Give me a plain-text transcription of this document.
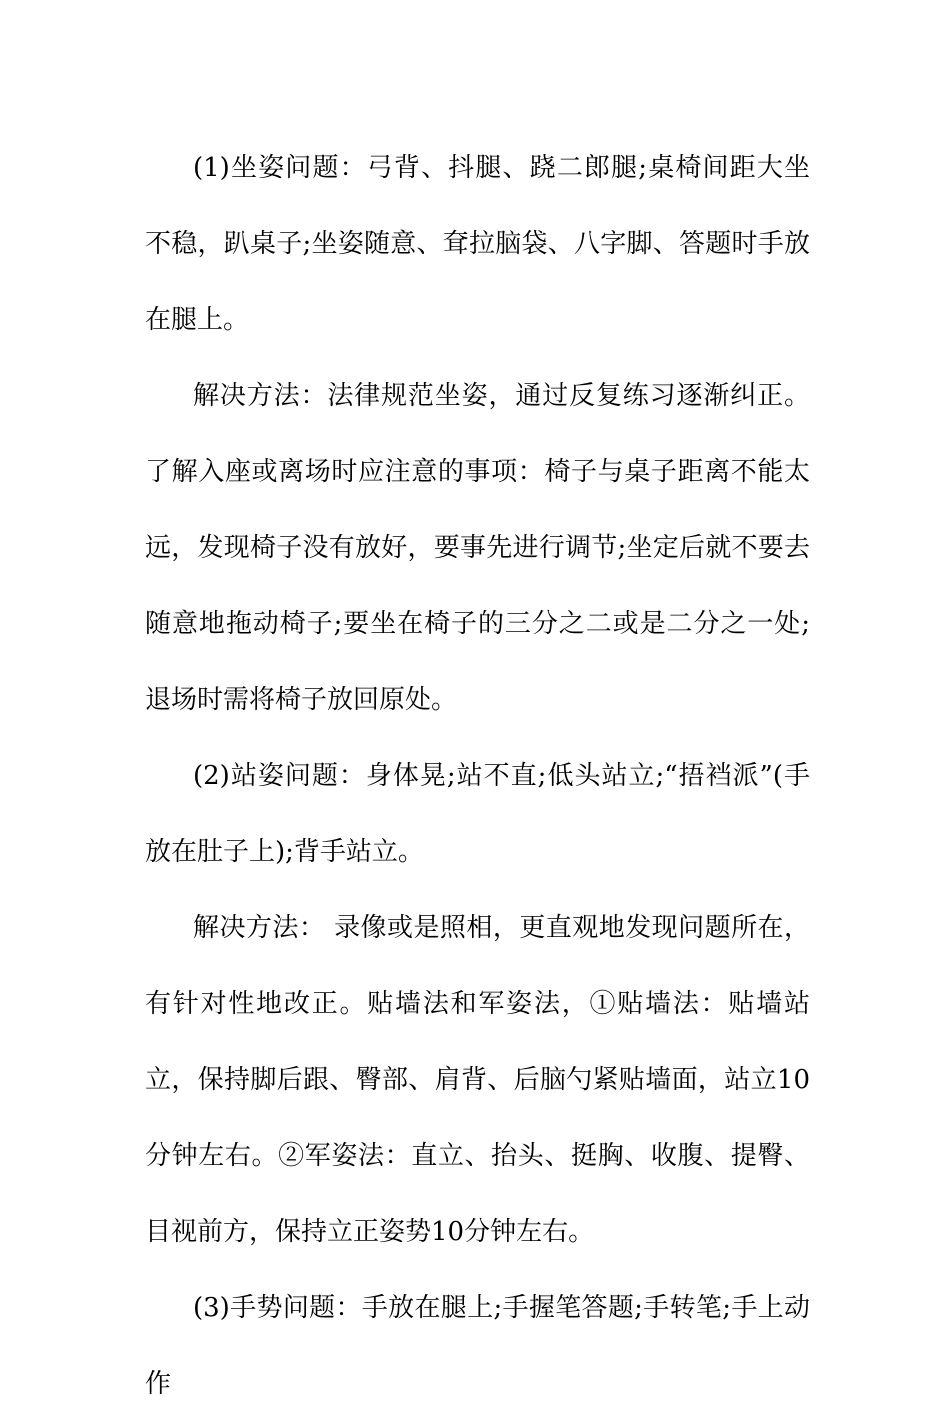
(1)坐姿问题：弓背、抖腿、跷二郎腿;桌椅间距大坐不稳，趴桌子;坐姿随意、耷拉脑袋、八字脚、答题时手放在腿上。

解决方法：法律规范坐姿，通过反复练习逐渐纠正。了解入座或离场时应注意的事项：椅子与桌子距离不能太远，发现椅子没有放好，要事先进行调节;坐定后就不要去随意地拖动椅子;要坐在椅子的三分之二或是二分之一处;退场时需将椅子放回原处。

(2)站姿问题：身体晃;站不直;低头站立;“捂裆派”(手放在肚子上);背手站立。

解决方法： 录像或是照相，更直观地发现问题所在，有针对性地改正。贴墙法和军姿法，①贴墙法：贴墙站立，保持脚后跟、臀部、肩背、后脑勺紧贴墙面，站立10分钟左右。②军姿法：直立、抬头、挺胸、收腹、提臀、目视前方，保持立正姿势10分钟左右。

(3)手势问题：手放在腿上;手握笔答题;手转笔;手上动作
